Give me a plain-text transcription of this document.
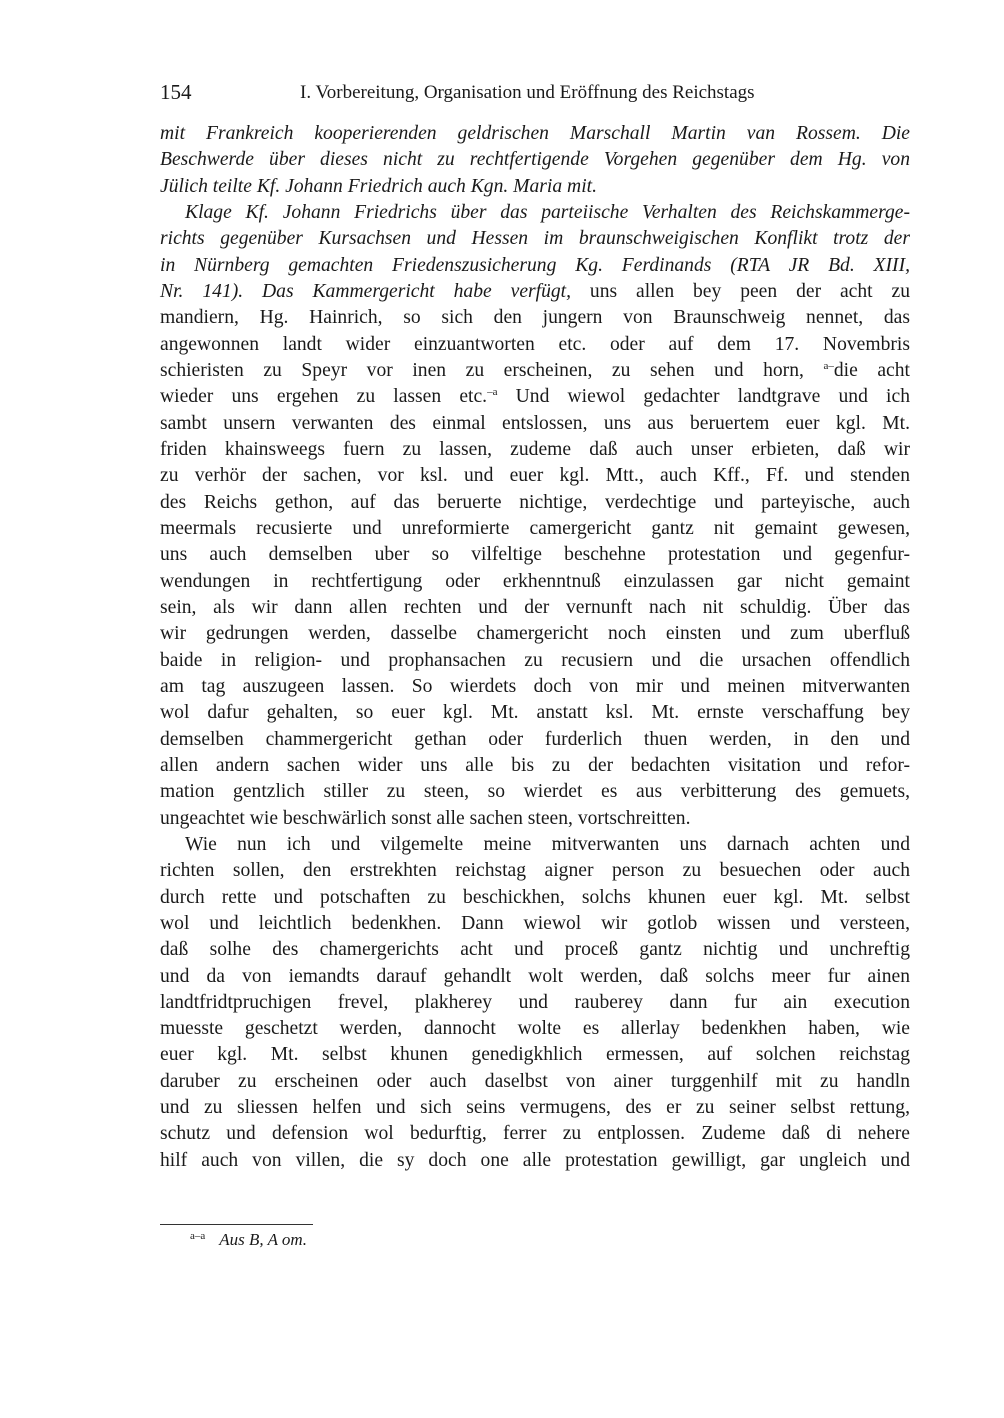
154	I. Vorbereitung, Organisation und Eröffnung des Reichstags
mit Frankreich kooperierenden geldrischen Marschall Martin van Rossem. Die
Beschwerde über dieses nicht zu rechtfertigende Vorgehen gegenüber dem Hg. von
Jülich teilte Kf. Johann Friedrich auch Kgn. Maria mit.
Klage Kf. Johann Friedrichs über das parteiische Verhalten des Reichskammerge-
richts gegenüber Kursachsen und Hessen im braunschweigischen Konflikt trotz der
in Nürnberg gemachten Friedenszusicherung Kg. Ferdinands (RTA JR Bd. XIII,
Nr. 141). Das Kammergericht habe verfügt, uns allen bey peen der acht zu
mandiern, Hg. Hainrich, so sich den jungern von Braunschweig nennet, das
angewonnen landt wider einzuantworten etc. oder auf dem 17. Novembris
schieristen zu Speyr vor inen zu erscheinen, zu sehen und horn, $^{a-}$die acht
wieder uns ergehen zu lassen etc.$^{-a}$ Und wiewol gedachter landtgrave und ich
sambt unsern verwanten des einmal entslossen, uns aus beruertem euer kgl. Mt.
friden khainsweegs fuern zu lassen, zudeme daß auch unser erbieten, daß wir
zu verhör der sachen, vor ksl. und euer kgl. Mtt., auch Kff., Ff. und stenden
des Reichs gethon, auf das beruerte nichtige, verdechtige und parteyische, auch
meermals recusierte und unreformierte camergericht gantz nit gemaint gewesen,
uns auch demselben uber so vilfeltige beschehne protestation und gegenfur-
wendungen in rechtfertigung oder erkhenntnuß einzulassen gar nicht gemaint
sein, als wir dann allen rechten und der vernunft nach nit schuldig. Über das
wir gedrungen werden, dasselbe chamergericht noch einsten und zum uberfluß
baide in religion- und prophansachen zu recusiern und die ursachen offendlich
am tag auszugeen lassen. So wierdets doch von mir und meinen mitverwanten
wol dafur gehalten, so euer kgl. Mt. anstatt ksl. Mt. ernste verschaffung bey
demselben chammergericht gethan oder furderlich thuen werden, in den und
allen andern sachen wider uns alle bis zu der bedachten visitation und refor-
mation gentzlich stiller zu steen, so wierdet es aus verbitterung des gemuets,
ungeachtet wie beschwärlich sonst alle sachen steen, vortschreitten.
Wie nun ich und vilgemelte meine mitverwanten uns darnach achten und
richten sollen, den erstrekhten reichstag aigner person zu besuechen oder auch
durch rette und potschaften zu beschickhen, solchs khunen euer kgl. Mt. selbst
wol und leichtlich bedenkhen. Dann wiewol wir gotlob wissen und versteen,
daß solhe des chamergerichts acht und proceß gantz nichtig und unchreftig
und da von iemandts darauf gehandlt wolt werden, daß solchs meer fur ainen
landtfridtpruchigen frevel, plakherey und rauberey dann fur ain execution
muesste geschetzt werden, dannocht wolte es allerlay bedenkhen haben, wie
euer kgl. Mt. selbst khunen genedigkhlich ermessen, auf solchen reichstag
daruber zu erscheinen oder auch daselbst von ainer turggenhilf mit zu handln
und zu sliessen helfen und sich seins vermugens, des er zu seiner selbst rettung,
schutz und defension wol bedurftig, ferrer zu entplossen. Zudeme daß di nehere
hilf auch von villen, die sy doch one alle protestation gewilligt, gar ungleich und
$^{a-a}$ Aus B, A om.
